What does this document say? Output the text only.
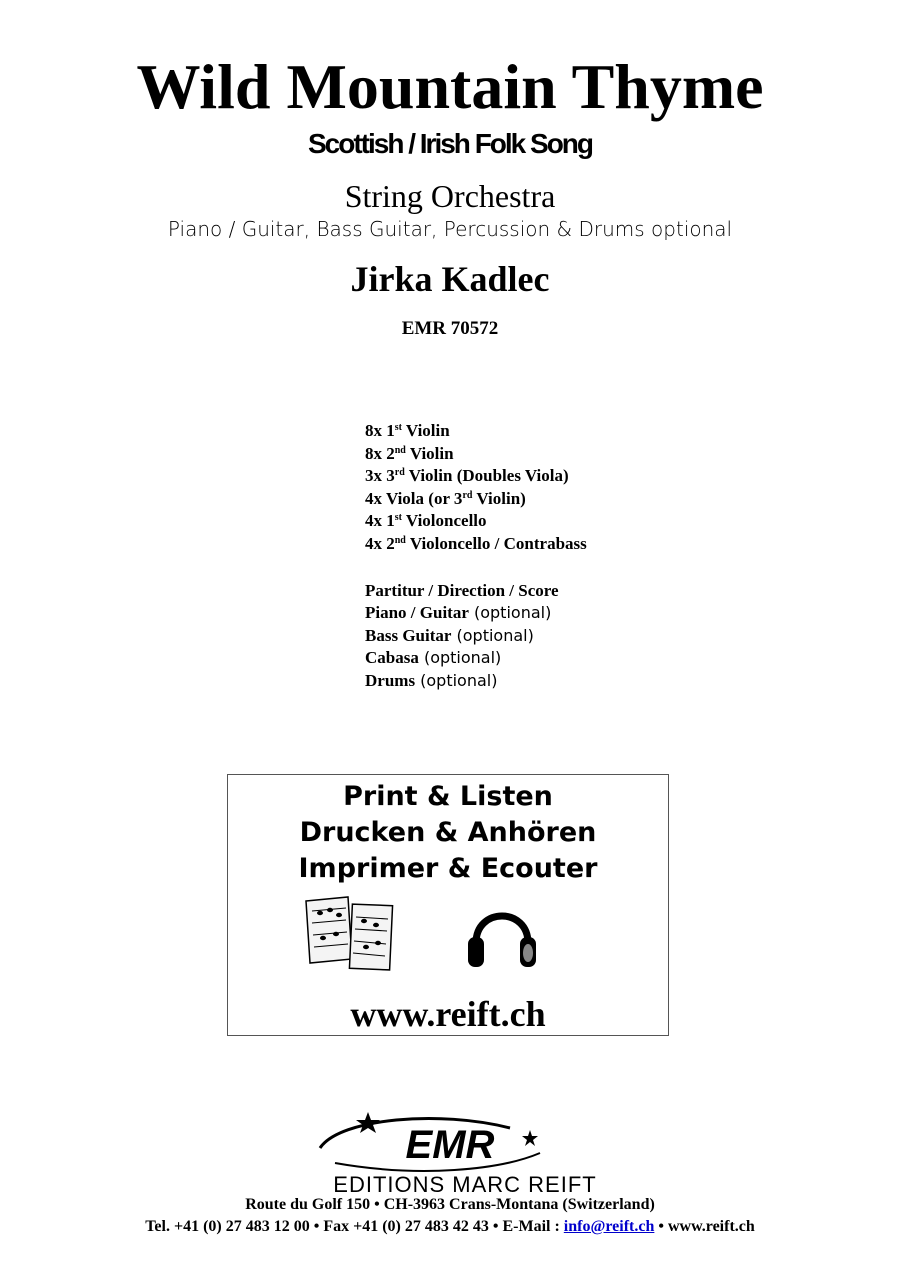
Wild Mountain Thyme
Scottish / Irish Folk Song
String Orchestra
Piano / Guitar, Bass Guitar, Percussion & Drums optional
Jirka Kadlec
EMR 70572
8x 1st Violin
8x 2nd Violin
3x 3rd Violin (Doubles Viola)
4x Viola (or 3rd Violin)
4x 1st Violoncello
4x 2nd Violoncello / Contrabass
Partitur / Direction / Score
Piano / Guitar (optional)
Bass Guitar (optional)
Cabasa (optional)
Drums (optional)
Print & Listen
Drucken & Anhören
Imprimer & Ecouter
www.reift.ch
EMR
EDITIONS MARC REIFT
Route du Golf 150 • CH-3963 Crans-Montana (Switzerland)
Tel. +41 (0) 27 483 12 00 • Fax +41 (0) 27 483 42 43 • E-Mail : info@reift.ch • www.reift.ch
